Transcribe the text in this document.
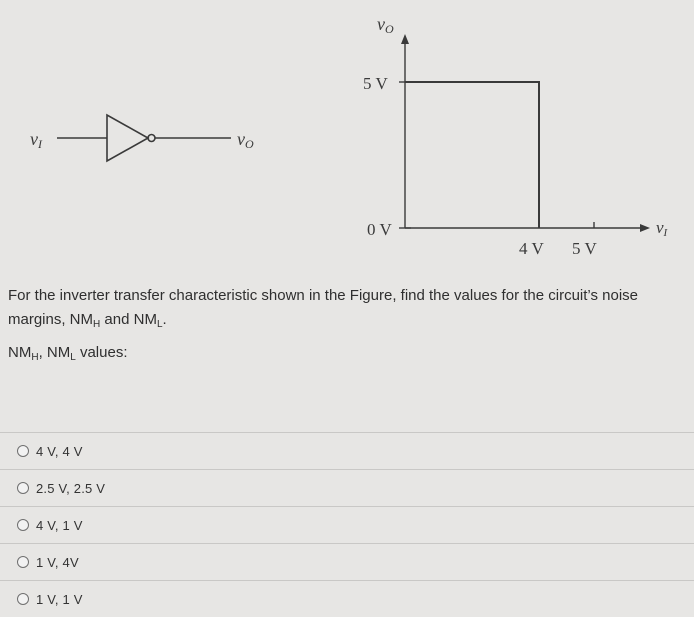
vI	vO
vO
5 V
0 V
4 V 5 V
vI
For the inverter transfer characteristic shown in the Figure, find the values for the circuit’s noise margins, $NM_H$ and $NM_L$.
$NM_H$, $NM_L$ values:
4 V, 4 V
2.5 V, 2.5 V
4 V, 1 V
1 V, 4V
1 V, 1 V
